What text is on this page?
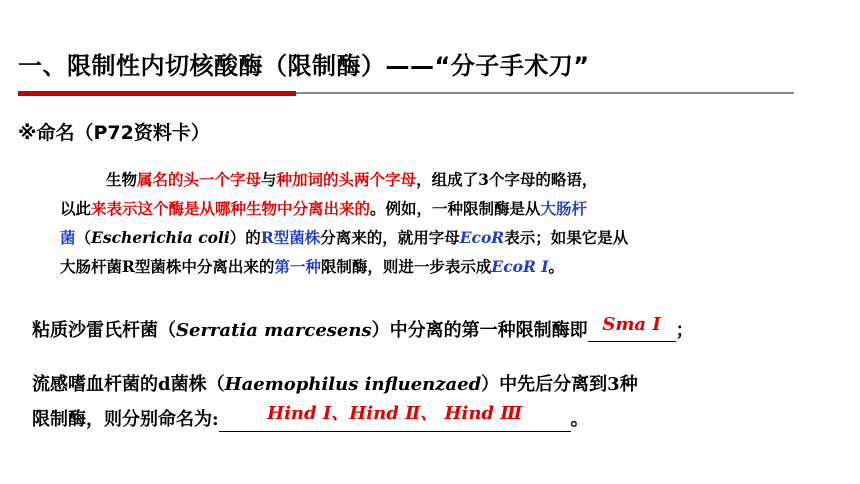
一、限制性内切核酸酶（限制酶）——“分子手术刀”
※命名（P72资料卡）
生物属名的头一个字母与种加词的头两个字母，组成了3个字母的略语，
以此来表示这个酶是从哪种生物中分离出来的。例如，一种限制酶是从大肠杆
菌（Escherichia coli）的R型菌株分离来的，就用字母EcoR表示；如果它是从
大肠杆菌R型菌株中分离出来的第一种限制酶，则进一步表示成EcoR I。
粘质沙雷氏杆菌（Serratia marcesens）中分离的第一种限制酶即 Sma Ⅰ ；
流感嗜血杆菌的d菌株（Haemophilus influenzaed）中先后分离到3种
限制酶，则分别命名为:	Hind Ⅰ、Hind Ⅱ、 Hind Ⅲ	。
